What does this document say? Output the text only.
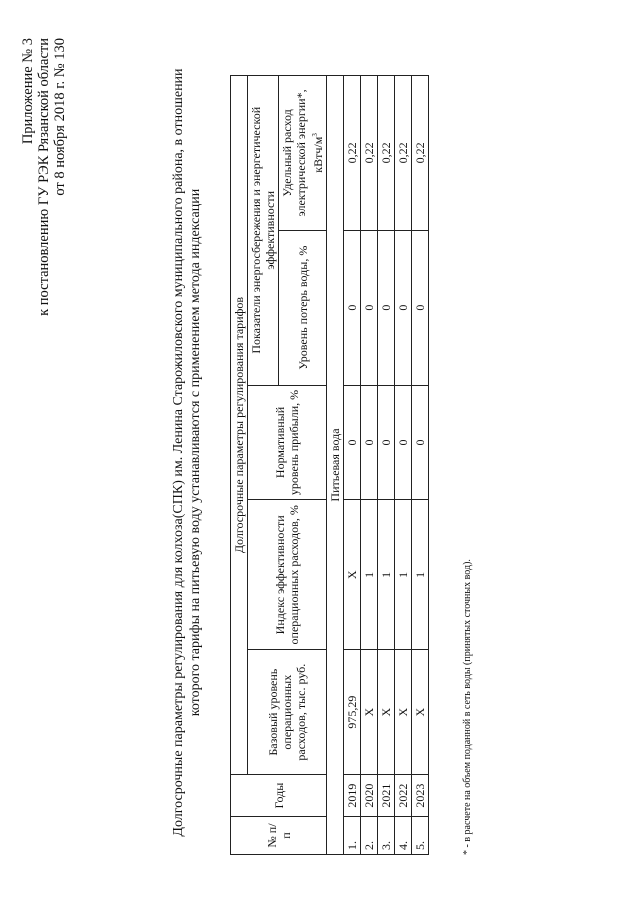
Приложение № 3 к постановлению ГУ РЭК Рязанской области от 8 ноября 2018 г. № 130	Долгосрочные параметры регулирования для колхоза(СПК) им. Ленина Старожиловского муниципального района, в отношении которого тарифы на питьевую воду устанавливаются с применением метода индексации
№ п/п	Годы	Долгосрочные параметры регулирования тарифов				
		Базовый уровень операционных расходов, тыс. руб.	Индекс эффективности операционных расходов, %	Нормативный уровень прибыли, %	Показатели энергосбережения и энергетической эффективности	
					Уровень потерь воды, %	Удельный расход электрической энергии*, кВтч/$м^3$
Питьевая вода						
1.	2019	975,29	X	0	0	0,22
2.	2020	X	1	0	0	0,22
3.	2021	X	1	0	0	0,22
4.	2022	X	1	0	0	0,22
5.	2023	X	1	0	0	0,22
* - в расчете на объем поданной в сеть воды (принятых сточных вод).
